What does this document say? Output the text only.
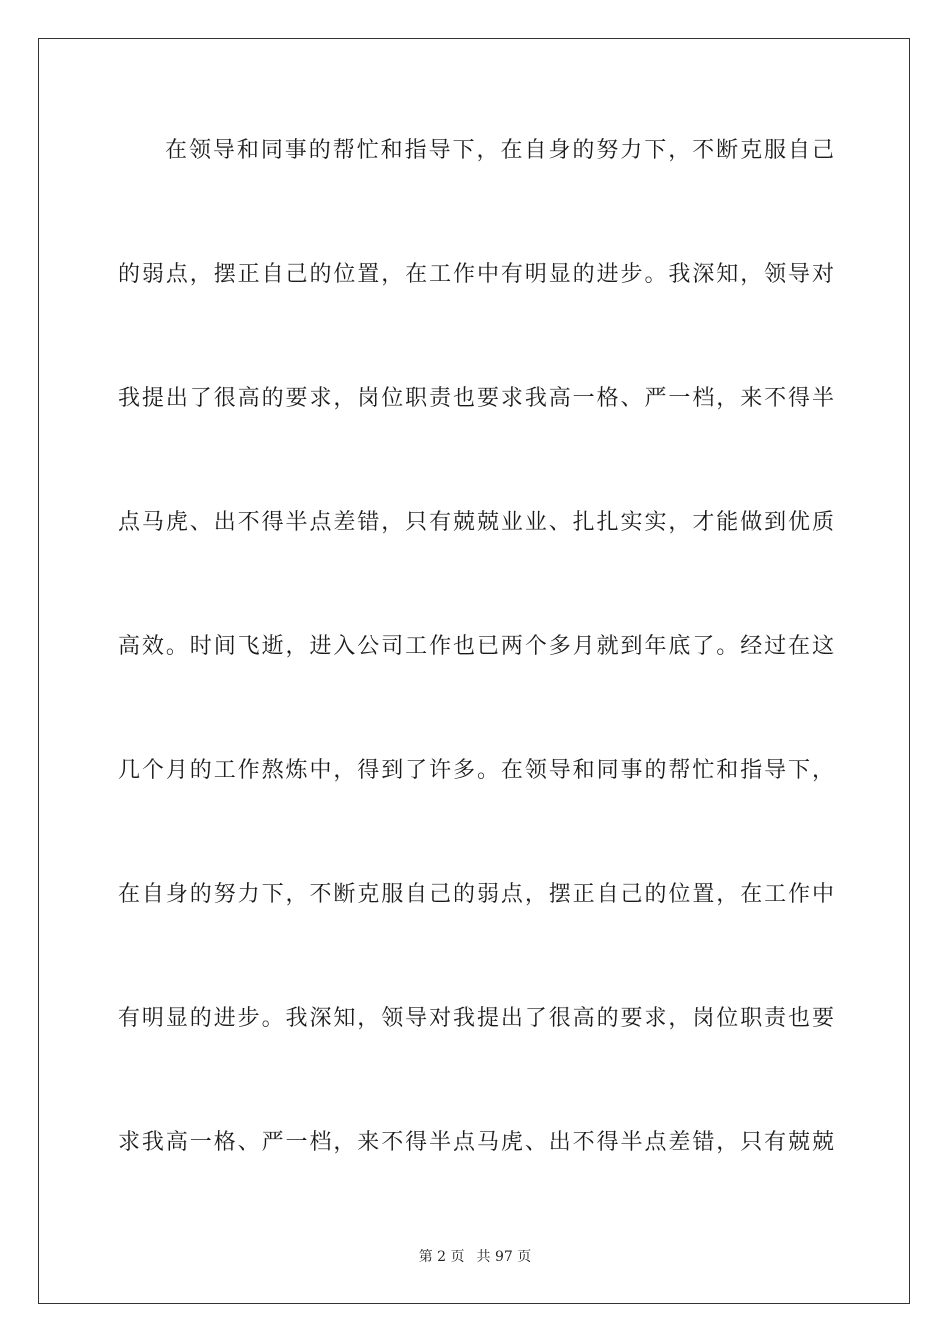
在领导和同事的帮忙和指导下，在自身的努力下，不断克服自己
的弱点，摆正自己的位置，在工作中有明显的进步。我深知，领导对
我提出了很高的要求，岗位职责也要求我高一格、严一档，来不得半
点马虎、出不得半点差错，只有兢兢业业、扎扎实实，才能做到优质
高效。时间飞逝，进入公司工作也已两个多月就到年底了。经过在这
几个月的工作熬炼中，得到了许多。在领导和同事的帮忙和指导下，
在自身的努力下，不断克服自己的弱点，摆正自己的位置，在工作中
有明显的进步。我深知，领导对我提出了很高的要求，岗位职责也要
求我高一格、严一档，来不得半点马虎、出不得半点差错，只有兢兢
第 2 页 共 97 页
